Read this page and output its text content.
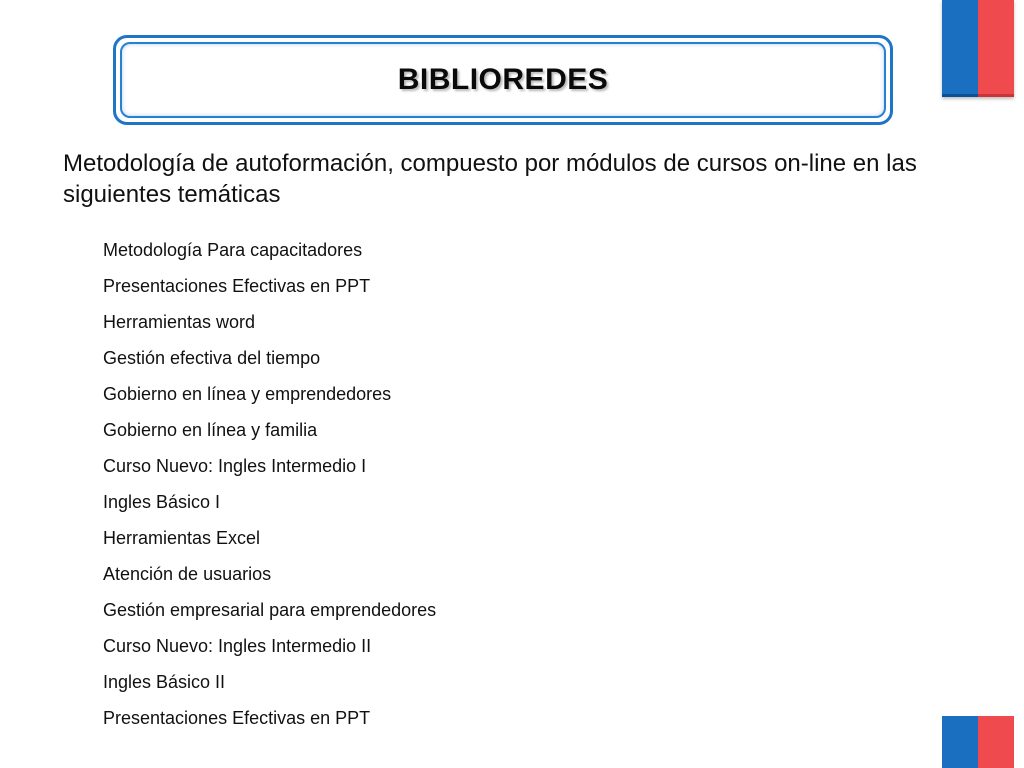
BIBLIOREDES
Metodología de autoformación, compuesto por módulos de cursos on-line en las siguientes temáticas
Metodología Para capacitadores
Presentaciones Efectivas en PPT
Herramientas word
Gestión efectiva del tiempo
Gobierno en línea y emprendedores
Gobierno en línea y familia
Curso Nuevo: Ingles Intermedio I
Ingles Básico I
Herramientas Excel
Atención de usuarios
Gestión empresarial para emprendedores
Curso Nuevo: Ingles Intermedio II
Ingles Básico II
Presentaciones Efectivas en PPT
